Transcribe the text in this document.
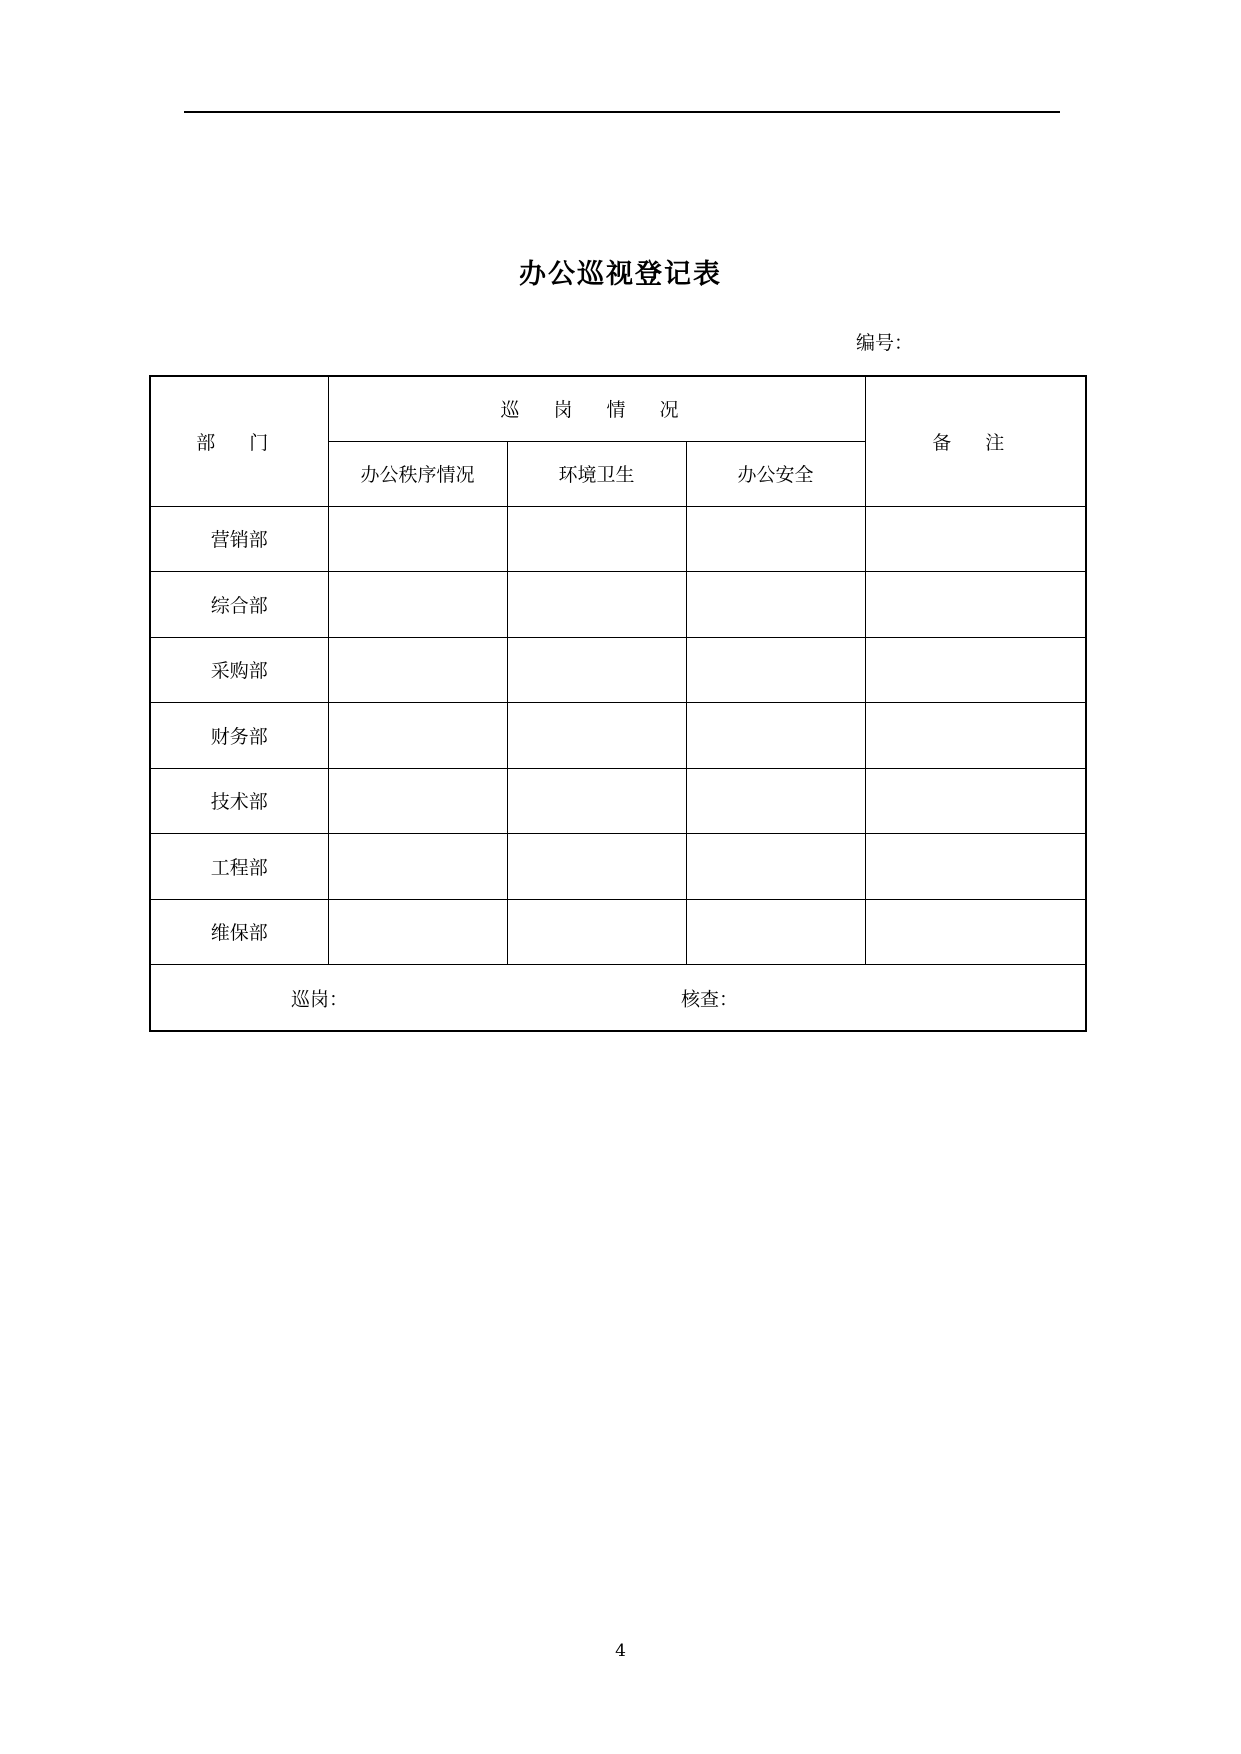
办公巡视登记表
编号：
部 门	巡 岗 情 况			备 注
	办公秩序情况	环境卫生	办公安全	
营销部				
综合部				
采购部				
财务部				
技术部				
工程部				
维保部				

巡岗： 核查：				
4
